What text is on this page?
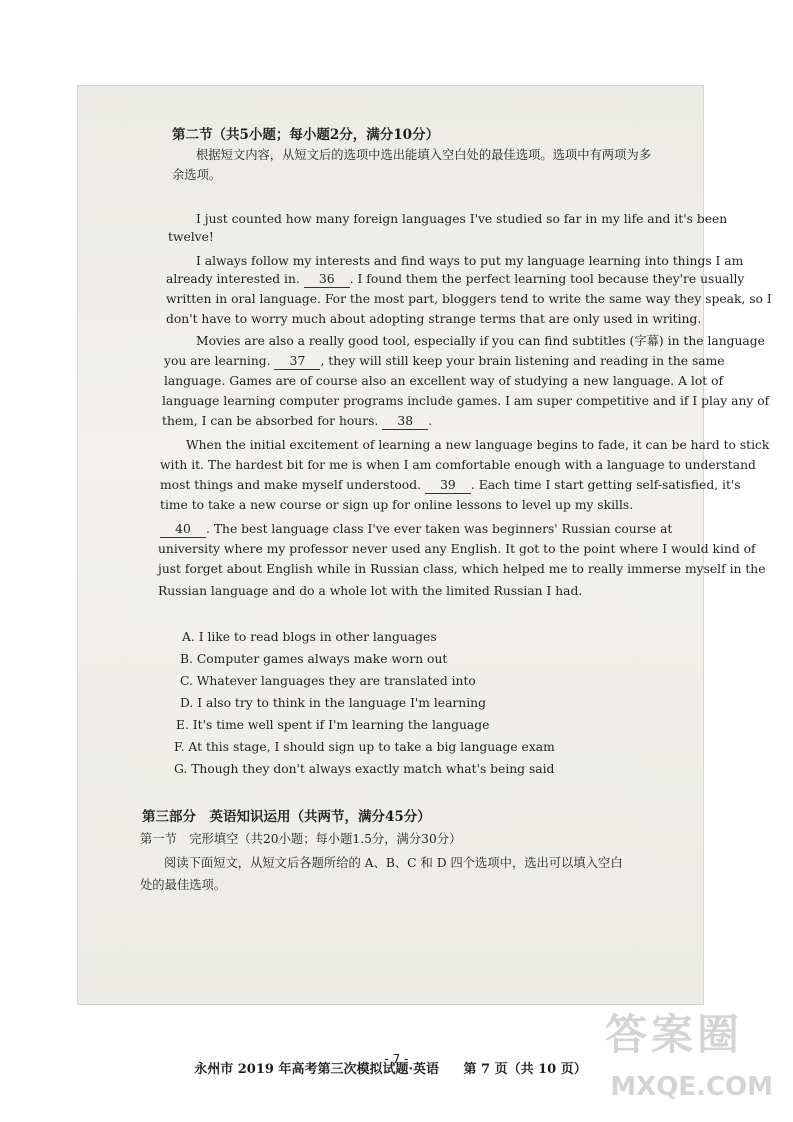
第二节（共5小题；每小题2分，满分10分）
根据短文内容，从短文后的选项中选出能填入空白处的最佳选项。选项中有两项为多
余选项。
I just counted how many foreign languages I've studied so far in my life and it's been
twelve!
I always follow my interests and find ways to put my language learning into things I am
already interested in. 36 . I found them the perfect learning tool because they're usually
written in oral language. For the most part, bloggers tend to write the same way they speak, so I
don't have to worry much about adopting strange terms that are only used in writing.
Movies are also a really good tool, especially if you can find subtitles (字幕) in the language
you are learning. 37 , they will still keep your brain listening and reading in the same
language. Games are of course also an excellent way of studying a new language. A lot of
language learning computer programs include games. I am super competitive and if I play any of
them, I can be absorbed for hours. 38 .
When the initial excitement of learning a new language begins to fade, it can be hard to stick
with it. The hardest bit for me is when I am comfortable enough with a language to understand
most things and make myself understood. 39 . Each time I start getting self-satisfied, it's
time to take a new course or sign up for online lessons to level up my skills.
40 . The best language class I've ever taken was beginners' Russian course at
university where my professor never used any English. It got to the point where I would kind of
just forget about English while in Russian class, which helped me to really immerse myself in the
Russian language and do a whole lot with the limited Russian I had.
A. I like to read blogs in other languages
B. Computer games always make worn out
C. Whatever languages they are translated into
D. I also try to think in the language I'm learning
E. It's time well spent if I'm learning the language
F. At this stage, I should sign up to take a big language exam
G. Though they don't always exactly match what's being said
第三部分　英语知识运用（共两节，满分45分）
第一节　完形填空（共20小题；每小题1.5分，满分30分）
阅读下面短文，从短文后各题所给的 A、B、C 和 D 四个选项中，选出可以填入空白
处的最佳选项。
永州市 2019 年高考第三次模拟试题·英语 第 7 页（共 10 页）
- 7 -	答案圈
MXQE.COM
